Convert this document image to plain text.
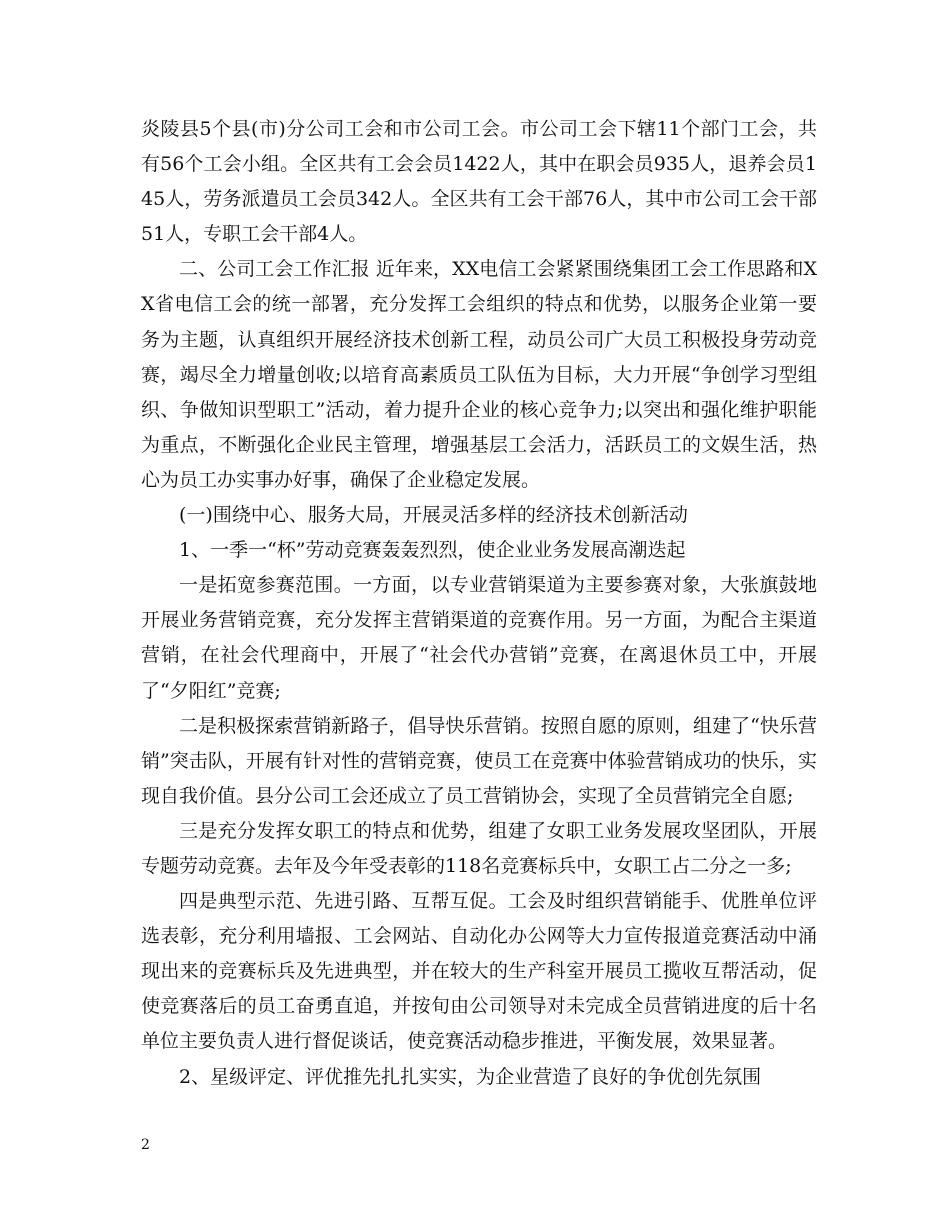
炎陵县5个县(市)分公司工会和市公司工会。市公司工会下辖11个部门工会，共有56个工会小组。全区共有工会会员1422人，其中在职会员935人，退养会员145人，劳务派遣员工会员342人。全区共有工会干部76人，其中市公司工会干部51人，专职工会干部4人。

二、公司工会工作汇报 近年来，XX电信工会紧紧围绕集团工会工作思路和XX省电信工会的统一部署，充分发挥工会组织的特点和优势，以服务企业第一要务为主题，认真组织开展经济技术创新工程，动员公司广大员工积极投身劳动竞赛，竭尽全力增量创收;以培育高素质员工队伍为目标，大力开展“争创学习型组织、争做知识型职工”活动，着力提升企业的核心竞争力;以突出和强化维护职能为重点，不断强化企业民主管理，增强基层工会活力，活跃员工的文娱生活，热心为员工办实事办好事，确保了企业稳定发展。

(一)围绕中心、服务大局，开展灵活多样的经济技术创新活动

1、一季一“杯”劳动竞赛轰轰烈烈，使企业业务发展高潮迭起

一是拓宽参赛范围。一方面，以专业营销渠道为主要参赛对象，大张旗鼓地开展业务营销竞赛，充分发挥主营销渠道的竞赛作用。另一方面，为配合主渠道营销，在社会代理商中，开展了“社会代办营销”竞赛，在离退休员工中，开展了“夕阳红”竞赛;

二是积极探索营销新路子，倡导快乐营销。按照自愿的原则，组建了“快乐营销”突击队，开展有针对性的营销竞赛，使员工在竞赛中体验营销成功的快乐，实现自我价值。县分公司工会还成立了员工营销协会，实现了全员营销完全自愿;

三是充分发挥女职工的特点和优势，组建了女职工业务发展攻坚团队，开展专题劳动竞赛。去年及今年受表彰的118名竞赛标兵中，女职工占二分之一多;

四是典型示范、先进引路、互帮互促。工会及时组织营销能手、优胜单位评选表彰，充分利用墙报、工会网站、自动化办公网等大力宣传报道竞赛活动中涌现出来的竞赛标兵及先进典型，并在较大的生产科室开展员工揽收互帮活动，促使竞赛落后的员工奋勇直追，并按旬由公司领导对未完成全员营销进度的后十名单位主要负责人进行督促谈话，使竞赛活动稳步推进，平衡发展，效果显著。

2、星级评定、评优推先扎扎实实，为企业营造了良好的争优创先氛围

2
